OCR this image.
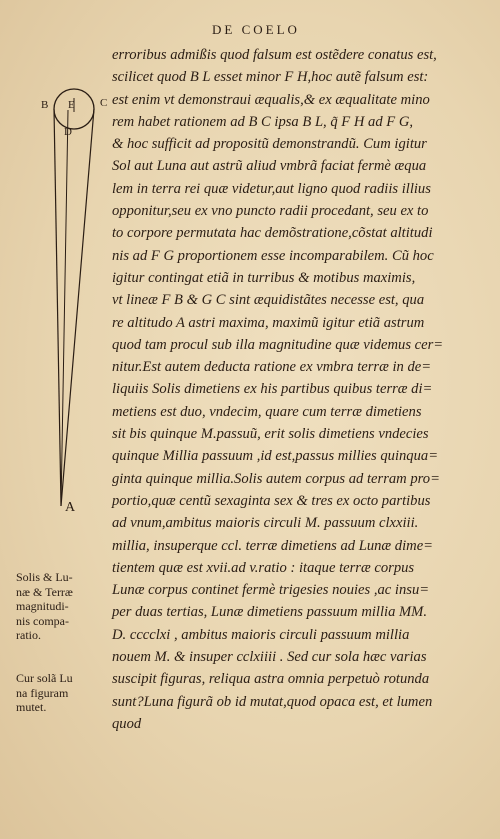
DE COELO
B E C
D
A
erroribus admißis quod falsum est ostẽdere conatus est,
scilicet quod B L esset minor F H,hoc autẽ falsum est:
est enim vt demonstraui æqualis,& ex æqualitate mino
rem habet rationem ad B C ipsa B L, q̃ F H ad F G,
& hoc sufficit ad propositũ demonstrandũ. Cum igitur
Sol aut Luna aut astrũ aliud vmbrã faciat fermè æqua
lem in terra rei quæ videtur,aut ligno quod radiis illius
opponitur,seu ex vno puncto radii procedant, seu ex to
to corpore permutata hac demõstratione,cõstat altitudi
nis ad F G proportionem esse incomparabilem. Cũ hoc
igitur contingat etiã in turribus & motibus maximis,
vt lineæ F B & G C sint æquidistãtes necesse est, qua
re altitudo A astri maxima, maximũ igitur etiã astrum
quod tam procul sub illa magnitudine quæ videmus cer=
nitur.Est autem deducta ratione ex vmbra terræ in de=
liquiis Solis dimetiens ex his partibus quibus terræ di=
metiens est duo, vndecim, quare cum terræ dimetiens
sit bis quinque M.passuũ, erit solis dimetiens vndecies
quinque Millia passuum ,id est,passus millies quinqua=
ginta quinque millia.Solis autem corpus ad terram pro=
portio,quæ centũ sexaginta sex & tres ex octo partibus
ad vnum,ambitus maioris circuli M. passuum clxxiii.
millia, insuperque ccl. terræ dimetiens ad Lunæ dime=
tientem quæ est xvii.ad v.ratio : itaque terræ corpus
Lunæ corpus continet fermè trigesies nouies ,ac insu=
per duas tertias, Lunæ dimetiens passuum millia MM.
D. cccclxi , ambitus maioris circuli passuum millia
nouem M. & insuper cclxiiii . Sed cur sola hæc varias
suscipit figuras, reliqua astra omnia perpetuò rotunda
sunt?Luna figurã ob id mutat,quod opaca est, et lumen
quod
Solis & Lu-
næ & Terræ
magnitudi-
nis compa-
ratio.
Cur solã Lu
na figuram
mutet.
